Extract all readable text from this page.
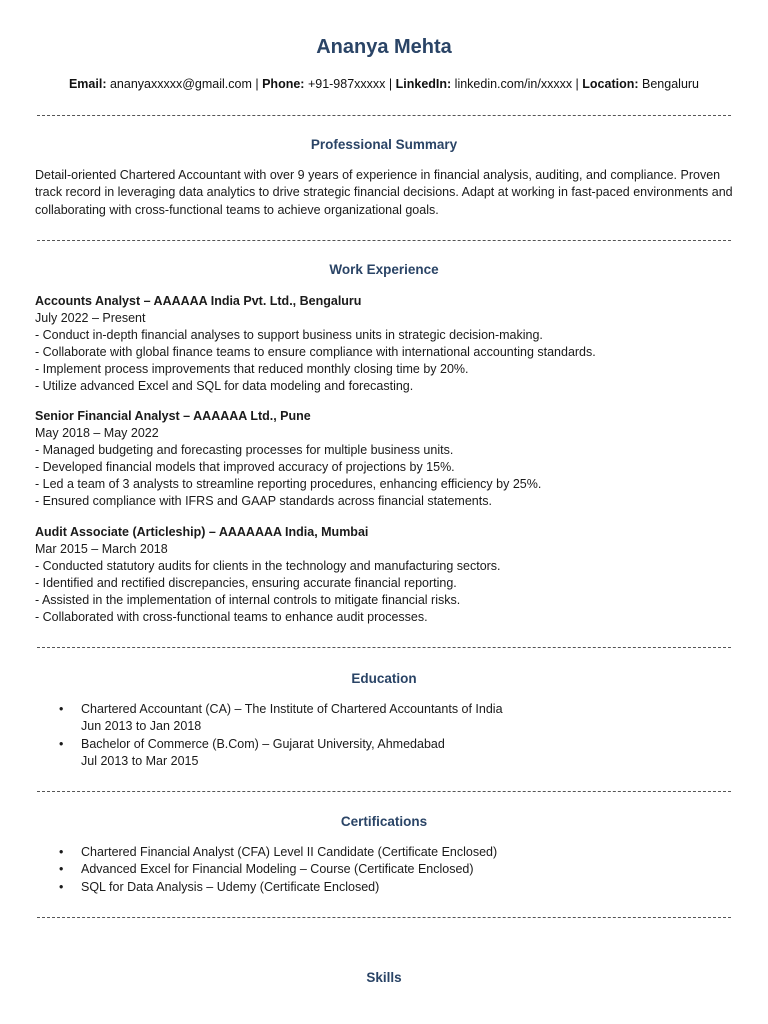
Ananya Mehta
Email: ananyaxxxxx@gmail.com | Phone: +91-987xxxxx | LinkedIn: linkedin.com/in/xxxxx | Location: Bengaluru
Professional Summary
Detail-oriented Chartered Accountant with over 9 years of experience in financial analysis, auditing, and compliance. Proven track record in leveraging data analytics to drive strategic financial decisions. Adapt at working in fast-paced environments and collaborating with cross-functional teams to achieve organizational goals.
Work Experience
Accounts Analyst – AAAAAA India Pvt. Ltd., Bengaluru
July 2022 – Present
- Conduct in-depth financial analyses to support business units in strategic decision-making.
- Collaborate with global finance teams to ensure compliance with international accounting standards.
- Implement process improvements that reduced monthly closing time by 20%.
- Utilize advanced Excel and SQL for data modeling and forecasting.
Senior Financial Analyst – AAAAAA Ltd., Pune
May 2018 – May 2022
- Managed budgeting and forecasting processes for multiple business units.
- Developed financial models that improved accuracy of projections by 15%.
- Led a team of 3 analysts to streamline reporting procedures, enhancing efficiency by 25%.
- Ensured compliance with IFRS and GAAP standards across financial statements.
Audit Associate (Articleship) – AAAAAAA India, Mumbai
Mar 2015 – March 2018
- Conducted statutory audits for clients in the technology and manufacturing sectors.
- Identified and rectified discrepancies, ensuring accurate financial reporting.
- Assisted in the implementation of internal controls to mitigate financial risks.
- Collaborated with cross-functional teams to enhance audit processes.
Education
• Chartered Accountant (CA) – The Institute of Chartered Accountants of India
Jun 2013 to Jan 2018
• Bachelor of Commerce (B.Com) – Gujarat University, Ahmedabad
Jul 2013 to Mar 2015
Certifications
• Chartered Financial Analyst (CFA) Level II Candidate (Certificate Enclosed)
• Advanced Excel for Financial Modeling – Course (Certificate Enclosed)
• SQL for Data Analysis – Udemy (Certificate Enclosed)
Skills
